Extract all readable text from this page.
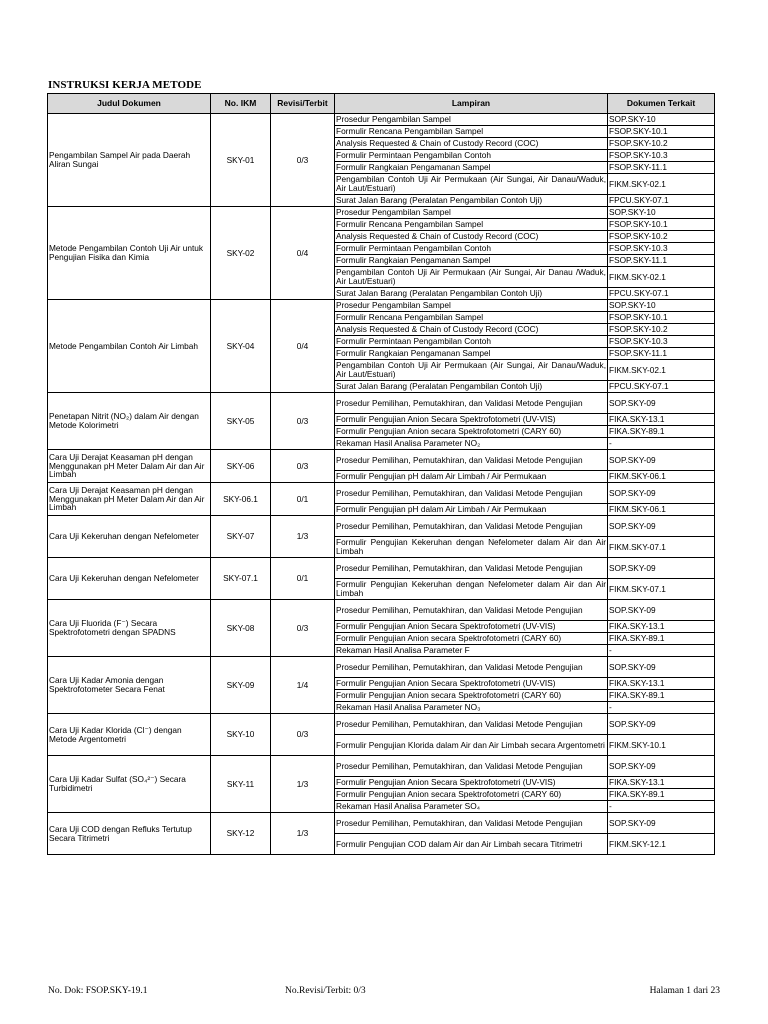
INSTRUKSI KERJA METODE
Judul Dokumen	No. IKM	Revisi/Terbit	Lampiran	Dokumen Terkait
Pengambilan Sampel Air pada Daerah Aliran Sungai	SKY-01	0/3	Prosedur Pengambilan Sampel	SOP.SKY-10
			Formulir Rencana Pengambilan Sampel	FSOP.SKY-10.1
			Analysis Requested & Chain of Custody Record (COC)	FSOP.SKY-10.2
			Formulir Permintaan Pengambilan Contoh	FSOP.SKY-10.3
			Formulir Rangkaian Pengamanan Sampel	FSOP.SKY-11.1
			Pengambilan Contoh Uji Air Permukaan (Air Sungai, Air Danau/Waduk, Air Laut/Estuari)	FIKM.SKY-02.1
			Surat Jalan Barang (Peralatan Pengambilan Contoh Uji)	FPCU.SKY-07.1
Metode Pengambilan Contoh Uji Air untuk Pengujian Fisika dan Kimia	SKY-02	0/4	Prosedur Pengambilan Sampel	SOP.SKY-10
			Formulir Rencana Pengambilan Sampel	FSOP.SKY-10.1
			Analysis Requested & Chain of Custody Record (COC)	FSOP.SKY-10.2
			Formulir Permintaan Pengambilan Contoh	FSOP.SKY-10.3
			Formulir Rangkaian Pengamanan Sampel	FSOP.SKY-11.1
			Pengambilan Contoh Uji Air Permukaan (Air Sungai, Air Danau /Waduk, Air Laut/Estuari)	FIKM.SKY-02.1
			Surat Jalan Barang (Peralatan Pengambilan Contoh Uji)	FPCU.SKY-07.1
Metode Pengambilan Contoh Air Limbah	SKY-04	0/4	Prosedur Pengambilan Sampel	SOP.SKY-10
			Formulir Rencana Pengambilan Sampel	FSOP.SKY-10.1
			Analysis Requested & Chain of Custody Record (COC)	FSOP.SKY-10.2
			Formulir Permintaan Pengambilan Contoh	FSOP.SKY-10.3
			Formulir Rangkaian Pengamanan Sampel	FSOP.SKY-11.1
			Pengambilan Contoh Uji Air Permukaan (Air Sungai, Air Danau/Waduk, Air Laut/Estuari)	FIKM.SKY-02.1
			Surat Jalan Barang (Peralatan Pengambilan Contoh Uji)	FPCU.SKY-07.1
Penetapan Nitrit (NO₂) dalam Air dengan Metode Kolorimetri	SKY-05	0/3	Prosedur Pemilihan, Pemutakhiran, dan Validasi Metode Pengujian	SOP.SKY-09
			Formulir Pengujian Anion Secara Spektrofotometri (UV-VIS)	FIKA.SKY-13.1
			Formulir Pengujian Anion secara Spektrofotometri (CARY 60)	FIKA.SKY-89.1
			Rekaman Hasil Analisa Parameter NO₂	-
Cara Uji Derajat Keasaman pH dengan Menggunakan pH Meter Dalam Air dan Air Limbah	SKY-06	0/3	Prosedur Pemilihan, Pemutakhiran, dan Validasi Metode Pengujian	SOP.SKY-09
			Formulir Pengujian pH dalam Air Limbah / Air Permukaan	FIKM.SKY-06.1
Cara Uji Derajat Keasaman pH dengan Menggunakan pH Meter Dalam Air dan Air Limbah	SKY-06.1	0/1	Prosedur Pemilihan, Pemutakhiran, dan Validasi Metode Pengujian	SOP.SKY-09
			Formulir Pengujian pH dalam Air Limbah / Air Permukaan	FIKM.SKY-06.1
Cara Uji Kekeruhan dengan Nefelometer	SKY-07	1/3	Prosedur Pemilihan, Pemutakhiran, dan Validasi Metode Pengujian	SOP.SKY-09
			Formulir Pengujian Kekeruhan dengan Nefelometer dalam Air dan Air Limbah	FIKM.SKY-07.1
Cara Uji Kekeruhan dengan Nefelometer	SKY-07.1	0/1	Prosedur Pemilihan, Pemutakhiran, dan Validasi Metode Pengujian	SOP.SKY-09
			Formulir Pengujian Kekeruhan dengan Nefelometer dalam Air dan Air Limbah	FIKM.SKY-07.1
Cara Uji Fluorida (F⁻) Secara Spektrofotometri dengan SPADNS	SKY-08	0/3	Prosedur Pemilihan, Pemutakhiran, dan Validasi Metode Pengujian	SOP.SKY-09
			Formulir Pengujian Anion Secara Spektrofotometri (UV-VIS)	FIKA.SKY-13.1
			Formulir Pengujian Anion secara Spektrofotometri (CARY 60)	FIKA.SKY-89.1
			Rekaman Hasil Analisa Parameter F	-
Cara Uji Kadar Amonia dengan Spektrofotometer Secara Fenat	SKY-09	1/4	Prosedur Pemilihan, Pemutakhiran, dan Validasi Metode Pengujian	SOP.SKY-09
			Formulir Pengujian Anion Secara Spektrofotometri (UV-VIS)	FIKA.SKY-13.1
			Formulir Pengujian Anion secara Spektrofotometri (CARY 60)	FIKA.SKY-89.1
			Rekaman Hasil Analisa Parameter NO₃	-
Cara Uji Kadar Klorida (Cl⁻) dengan Metode Argentometri	SKY-10	0/3	Prosedur Pemilihan, Pemutakhiran, dan Validasi Metode Pengujian	SOP.SKY-09
			Formulir Pengujian Klorida dalam Air dan Air Limbah secara Argentometri	FIKM.SKY-10.1
Cara Uji Kadar Sulfat (SO₄²⁻) Secara Turbidimetri	SKY-11	1/3	Prosedur Pemilihan, Pemutakhiran, dan Validasi Metode Pengujian	SOP.SKY-09
			Formulir Pengujian Anion Secara Spektrofotometri (UV-VIS)	FIKA.SKY-13.1
			Formulir Pengujian Anion secara Spektrofotometri (CARY 60)	FIKA.SKY-89.1
			Rekaman Hasil Analisa Parameter SO₄	-
Cara Uji COD dengan Refluks Tertutup Secara Titrimetri	SKY-12	1/3	Prosedur Pemilihan, Pemutakhiran, dan Validasi Metode Pengujian	SOP.SKY-09
			Formulir Pengujian COD dalam Air dan Air Limbah secara Titrimetri	FIKM.SKY-12.1
No. Dok: FSOP.SKY-19.1	No.Revisi/Terbit: 0/3	Halaman 1 dari 23
